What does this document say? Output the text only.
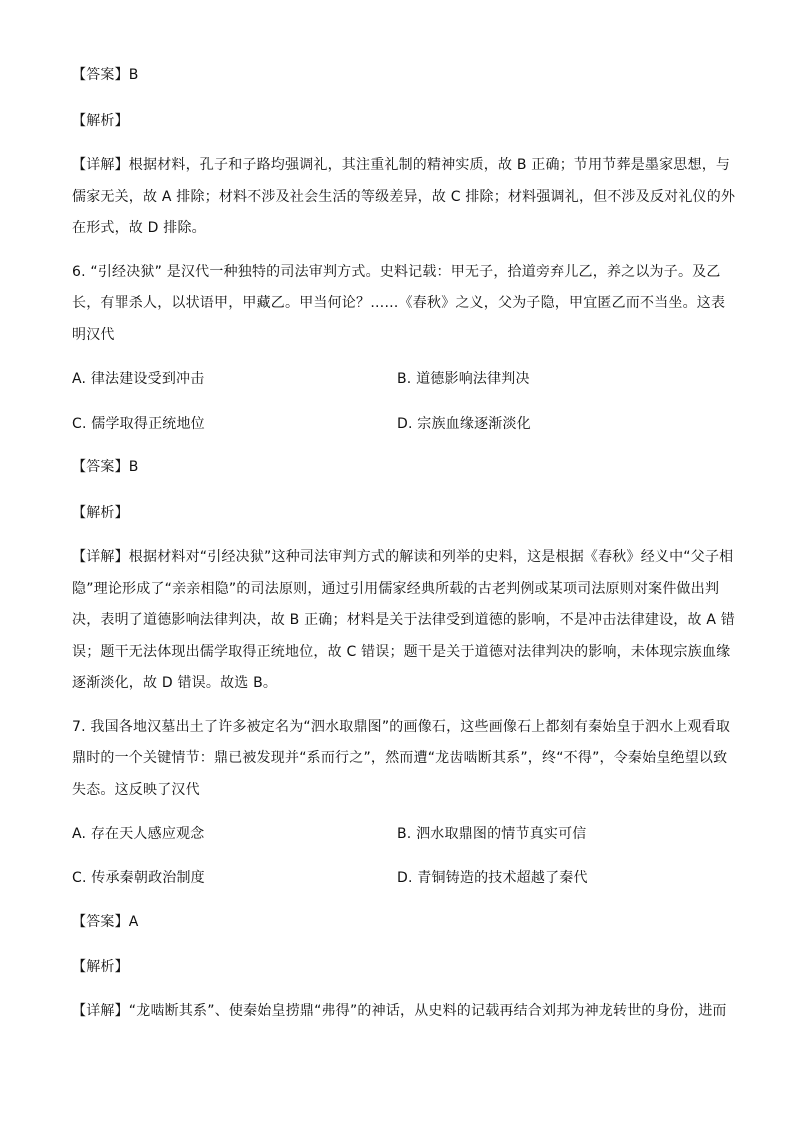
【答案】B
【解析】
【详解】根据材料，孔子和子路均强调礼，其注重礼制的精神实质，故 B 正确；节用节葬是墨家思想，与
儒家无关，故 A 排除；材料不涉及社会生活的等级差异，故 C 排除；材料强调礼，但不涉及反对礼仪的外
在形式，故 D 排除。
6. “引经决狱” 是汉代一种独特的司法审判方式。史料记载：甲无子，拾道旁弃儿乙，养之以为子。及乙
长，有罪杀人，以状语甲，甲藏乙。甲当何论？……《春秋》之义，父为子隐，甲宜匿乙而不当坐。这表
明汉代
A. 律法建设受到冲击	B. 道德影响法律判决
C. 儒学取得正统地位	D. 宗族血缘逐渐淡化
【答案】B
【解析】
【详解】根据材料对“引经决狱”这种司法审判方式的解读和列举的史料，这是根据《春秋》经义中“父子相
隐”理论形成了“亲亲相隐”的司法原则，通过引用儒家经典所载的古老判例或某项司法原则对案件做出判
决，表明了道德影响法律判决，故 B 正确；材料是关于法律受到道德的影响，不是冲击法律建设，故 A 错
误；题干无法体现出儒学取得正统地位，故 C 错误；题干是关于道德对法律判决的影响，未体现宗族血缘
逐渐淡化，故 D 错误。故选 B。
7. 我国各地汉墓出土了许多被定名为“泗水取鼎图”的画像石，这些画像石上都刻有秦始皇于泗水上观看取
鼎时的一个关键情节：鼎已被发现并“系而行之”，然而遭“龙齿啮断其系”，终“不得”，令秦始皇绝望以致
失态。这反映了汉代
A. 存在天人感应观念	B. 泗水取鼎图的情节真实可信
C. 传承秦朝政治制度	D. 青铜铸造的技术超越了秦代
【答案】A
【解析】
【详解】“龙啮断其系”、使秦始皇捞鼎“弗得”的神话，从史料的记载再结合刘邦为神龙转世的身份，进而
